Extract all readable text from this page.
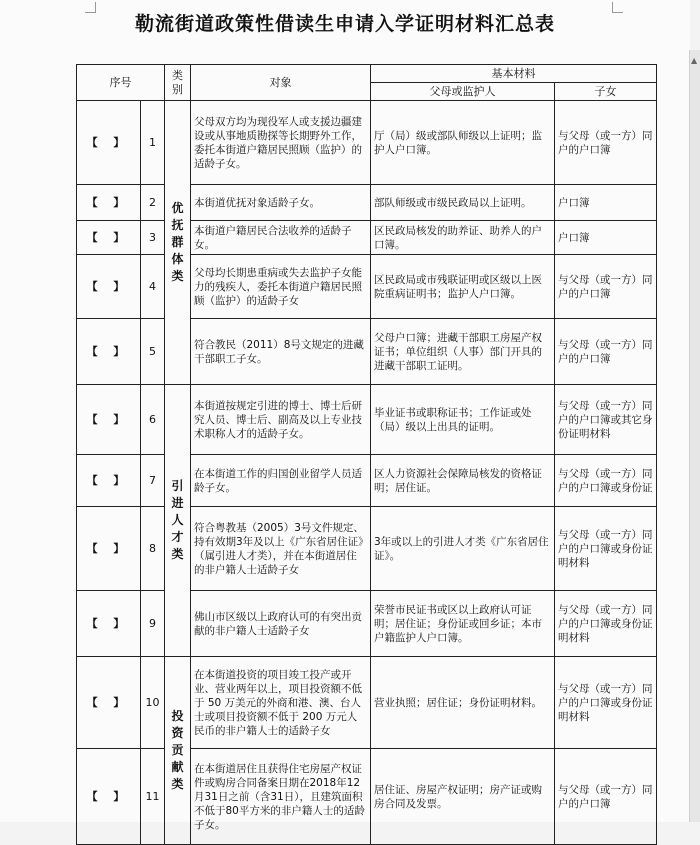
勒流街道政策性借读生申请入学证明材料汇总表
序号		类别	对象	基本材料	
				父母或监护人	子女
【 】	1	优抚群体类	父母双方均为现役军人或支援边疆建设或从事地质勘探等长期野外工作，委托本街道户籍居民照顾（监护）的适龄子女。	厅（局）级或部队师级以上证明；监护人户口簿。	与父母（或一方）同户的户口簿
【 】	2		本街道优抚对象适龄子女。	部队师级或市级民政局以上证明。	户口簿
【 】	3		本街道户籍居民合法收养的适龄子女。	区民政局核发的助养证、助养人的户口簿。	户口簿
【 】	4		父母均长期患重病或失去监护子女能力的残疾人，委托本街道户籍居民照顾（监护）的适龄子女	区民政局或市残联证明或区级以上医院重病证明书；监护人户口簿。	与父母（或一方）同户的户口簿
【 】	5		符合教民（2011）8号文规定的进藏干部职工子女。	父母户口簿；进藏干部职工房屋产权证书；单位组织（人事）部门开具的进藏干部职工证明。	与父母（或一方）同户的户口簿
【 】	6	引进人才类	本街道按规定引进的博士、博士后研究人员、博士后、副高及以上专业技术职称人才的适龄子女。	毕业证书或职称证书；工作证或处（局）级以上出具的证明。	与父母（或一方）同户的户口簿或其它身份证明材料
【 】	7		在本街道工作的归国创业留学人员适龄子女。	区人力资源社会保障局核发的资格证明；居住证。	与父母（或一方）同户的户口簿或身份证
【 】	8		符合粤教基（2005）3号文件规定、持有效期3年及以上《广东省居住证》（属引进人才类），并在本街道居住的非户籍人士适龄子女	3年或以上的引进人才类《广东省居住证》。	与父母（或一方）同户的户口簿或身份证明材料
【 】	9		佛山市区级以上政府认可的有突出贡献的非户籍人士适龄子女	荣誉市民证书或区以上政府认可证明；居住证；身份证或回乡证；本市户籍监护人户口簿。	与父母（或一方）同户的户口簿或身份证明材料
【 】	10	投资贡献类	在本街道投资的项目竣工投产或开业、营业两年以上，项目投资额不低于 50 万美元的外商和港、澳、台人士或项目投资额不低于 200 万元人民币的非户籍人士的适龄子女	营业执照；居住证；身份证明材料。	与父母（或一方）同户的户口簿或身份证明材料
【 】	11		在本街道居住且获得住宅房屋产权证件或购房合同备案日期在2018年12月31日之前（含31日），且建筑面积不低于80平方米的非户籍人士的适龄子女。	居住证、房屋产权证明；房产证或购房合同及发票。	与父母（或一方）同户的户口簿
▲
